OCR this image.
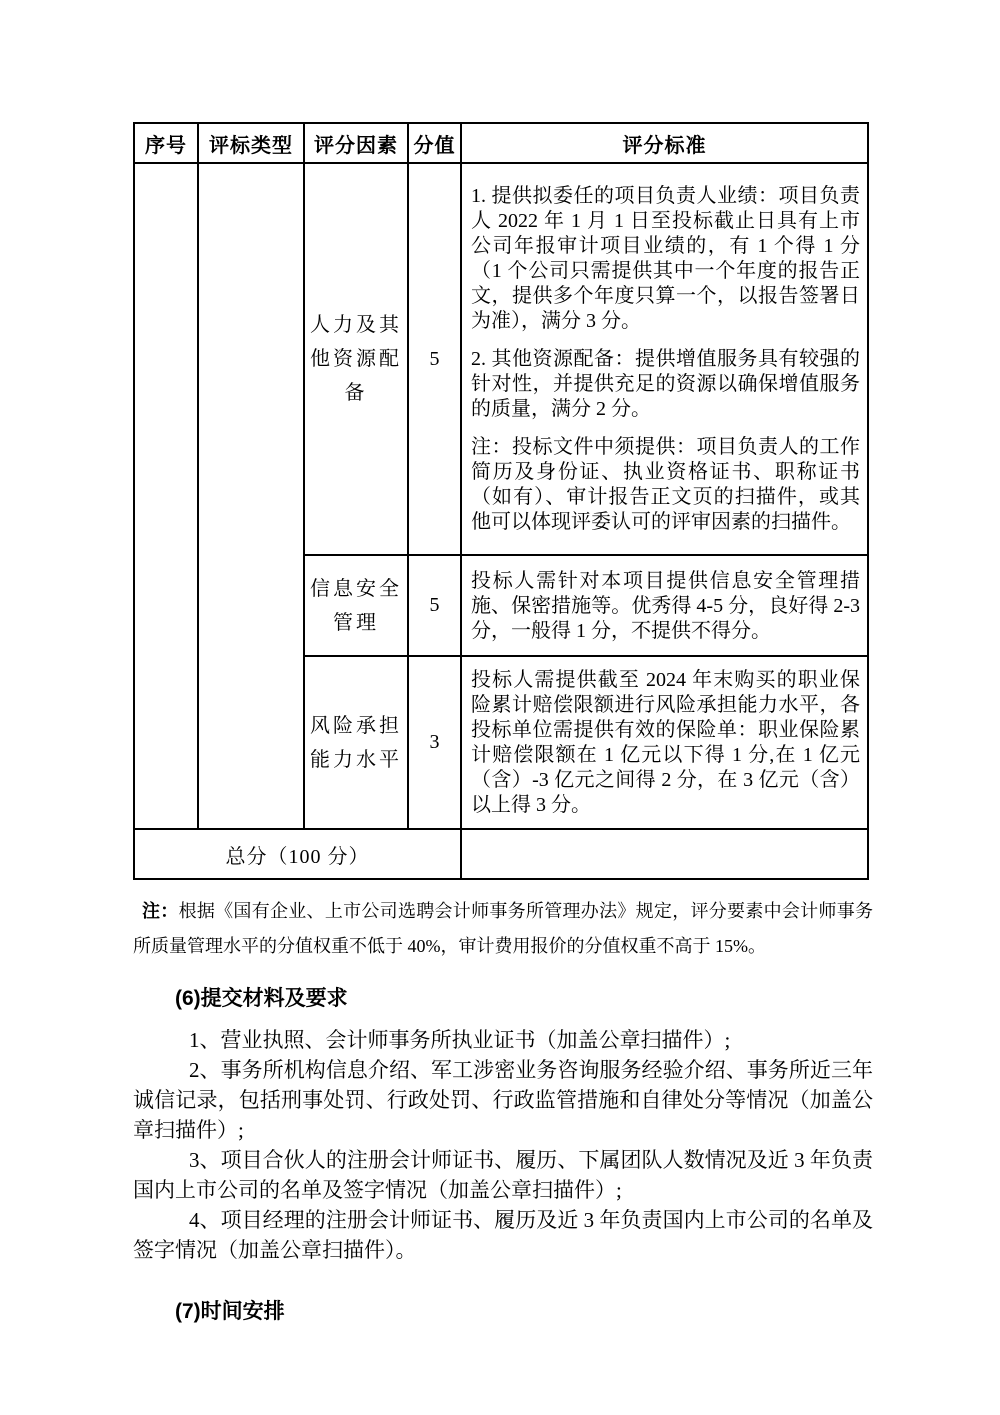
序号	评标类型	评分因素	分值	评分标准
		人力及其他资源配备	5	1. 提供拟委任的项目负责人业绩：项目负责人 2022 年 1 月 1 日至投标截止日具有上市公司年报审计项目业绩的，有 1 个得 1 分（1 个公司只需提供其中一个年度的报告正文，提供多个年度只算一个，以报告签署日为准），满分 3 分。

2. 其他资源配备：提供增值服务具有较强的针对性，并提供充足的资源以确保增值服务的质量，满分 2 分。

注：投标文件中须提供：项目负责人的工作简历及身份证、执业资格证书、职称证书（如有）、审计报告正文页的扫描件，或其他可以体现评委认可的评审因素的扫描件。

		信息安全管理	5	投标人需针对本项目提供信息安全管理措施、保密措施等。优秀得 4-5 分，良好得 2-3 分，一般得 1 分，不提供不得分。

		风险承担能力水平	3	投标人需提供截至 2024 年末购买的职业保险累计赔偿限额进行风险承担能力水平，各投标单位需提供有效的保险单：职业保险累计赔偿限额在 1 亿元以下得 1 分,在 1 亿元（含）-3 亿元之间得 2 分，在 3 亿元（含）以上得 3 分。

总分（100 分）				

注：根据《国有企业、上市公司选聘会计师事务所管理办法》规定，评分要素中会计师事务所质量管理水平的分值权重不低于 40%，审计费用报价的分值权重不高于 15%。

(6)提交材料及要求

1、营业执照、会计师事务所执业证书（加盖公章扫描件）;

2、事务所机构信息介绍、军工涉密业务咨询服务经验介绍、事务所近三年诚信记录，包括刑事处罚、行政处罚、行政监管措施和自律处分等情况（加盖公章扫描件）;

3、项目合伙人的注册会计师证书、履历、下属团队人数情况及近 3 年负责国内上市公司的名单及签字情况（加盖公章扫描件）;

4、项目经理的注册会计师证书、履历及近 3 年负责国内上市公司的名单及签字情况（加盖公章扫描件）。

(7)时间安排
